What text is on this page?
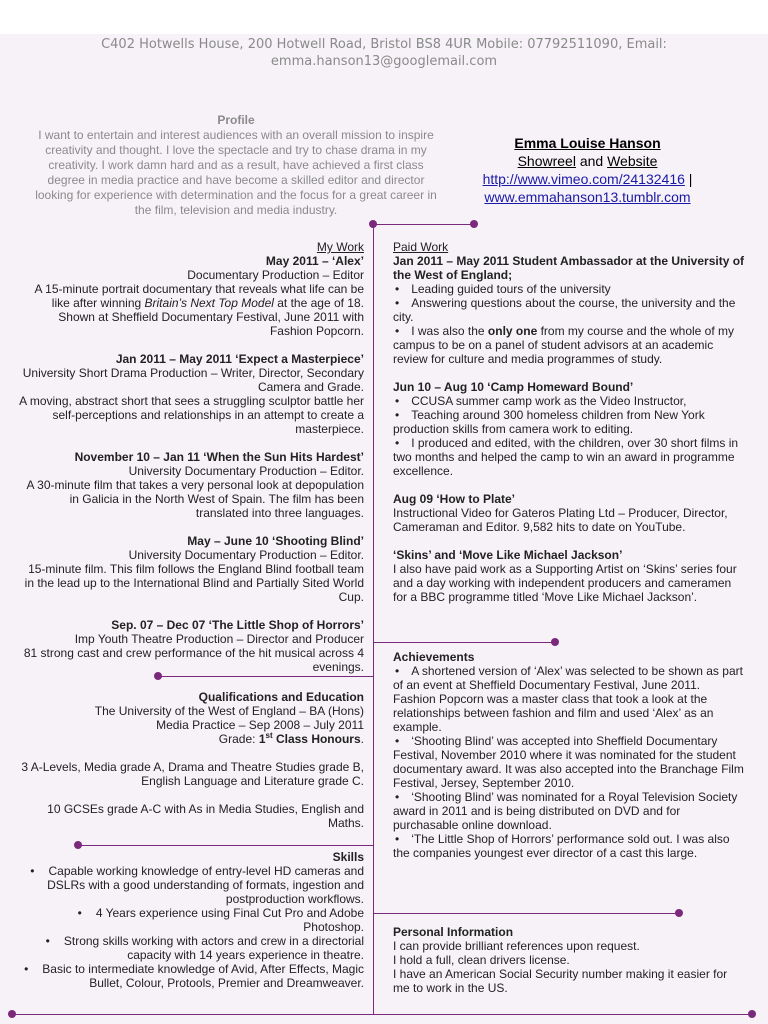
C402 Hotwells House, 200 Hotwell Road, Bristol BS8 4UR Mobile: 07792511090, Email:
emma.hanson13@googlemail.com
Profile

I want to entertain and interest audiences with an overall mission to inspire creativity and thought. I love the spectacle and try to chase drama in my creativity. I work damn hard and as a result, have achieved a first class degree in media practice and have become a skilled editor and director looking for experience with determination and the focus for a great career in the film, television and media industry.

Emma Louise Hanson
Showreel and Website
http://www.vimeo.com/24132416 |
www.emmahanson13.tumblr.com

My Work

May 2011 – ‘Alex’

Documentary Production – Editor

A 15-minute portrait documentary that reveals what life can be like after winning Britain’s Next Top Model at the age of 18. Shown at Sheffield Documentary Festival, June 2011 with Fashion Popcorn.

Jan 2011 – May 2011 ‘Expect a Masterpiece’

University Short Drama Production – Writer, Director, Secondary Camera and Grade.

A moving, abstract short that sees a struggling sculptor battle her self-perceptions and relationships in an attempt to create a masterpiece.

November 10 – Jan 11 ‘When the Sun Hits Hardest’

University Documentary Production – Editor.

A 30-minute film that takes a very personal look at depopulation in Galicia in the North West of Spain. The film has been translated into three languages.

May – June 10 ‘Shooting Blind’

University Documentary Production – Editor.

15-minute film. This film follows the England Blind football team in the lead up to the International Blind and Partially Sited World Cup.

Sep. 07 – Dec 07 ‘The Little Shop of Horrors’

Imp Youth Theatre Production – Director and Producer

81 strong cast and crew performance of the hit musical across 4 evenings.

Qualifications and Education

The University of the West of England – BA (Hons)

Media Practice – Sep 2008 – July 2011

Grade: 1st Class Honours.

3 A-Levels, Media grade A, Drama and Theatre Studies grade B, English Language and Literature grade C.

10 GCSEs grade A-C with As in Media Studies, English and Maths.

Skills

• Capable working knowledge of entry-level HD cameras and DSLRs with a good understanding of formats, ingestion and postproduction workflows.

• 4 Years experience using Final Cut Pro and Adobe Photoshop.

• Strong skills working with actors and crew in a directorial capacity with 14 years experience in theatre.

• Basic to intermediate knowledge of Avid, After Effects, Magic Bullet, Colour, Protools, Premier and Dreamweaver.

Paid Work

Jan 2011 – May 2011 Student Ambassador at the University of the West of England;

• Leading guided tours of the university

• Answering questions about the course, the university and the city.

• I was also the only one from my course and the whole of my campus to be on a panel of student advisors at an academic review for culture and media programmes of study.

Jun 10 – Aug 10 ‘Camp Homeward Bound’

• CCUSA summer camp work as the Video Instructor,

• Teaching around 300 homeless children from New York production skills from camera work to editing.

• I produced and edited, with the children, over 30 short films in two months and helped the camp to win an award in programme excellence.

Aug 09 ‘How to Plate’

Instructional Video for Gateros Plating Ltd – Producer, Director, Cameraman and Editor. 9,582 hits to date on YouTube.

‘Skins’ and ‘Move Like Michael Jackson’

I also have paid work as a Supporting Artist on ‘Skins’ series four and a day working with independent producers and cameramen for a BBC programme titled ‘Move Like Michael Jackson’.

Achievements

• A shortened version of ‘Alex’ was selected to be shown as part of an event at Sheffield Documentary Festival, June 2011. Fashion Popcorn was a master class that took a look at the relationships between fashion and film and used ‘Alex’ as an example.

• ‘Shooting Blind’ was accepted into Sheffield Documentary Festival, November 2010 where it was nominated for the student documentary award. It was also accepted into the Branchage Film Festival, Jersey, September 2010.

• ‘Shooting Blind’ was nominated for a Royal Television Society award in 2011 and is being distributed on DVD and for purchasable online download.

• ‘The Little Shop of Horrors’ performance sold out. I was also the companies youngest ever director of a cast this large.

Personal Information

I can provide brilliant references upon request.

I hold a full, clean drivers license.

I have an American Social Security number making it easier for me to work in the US.
